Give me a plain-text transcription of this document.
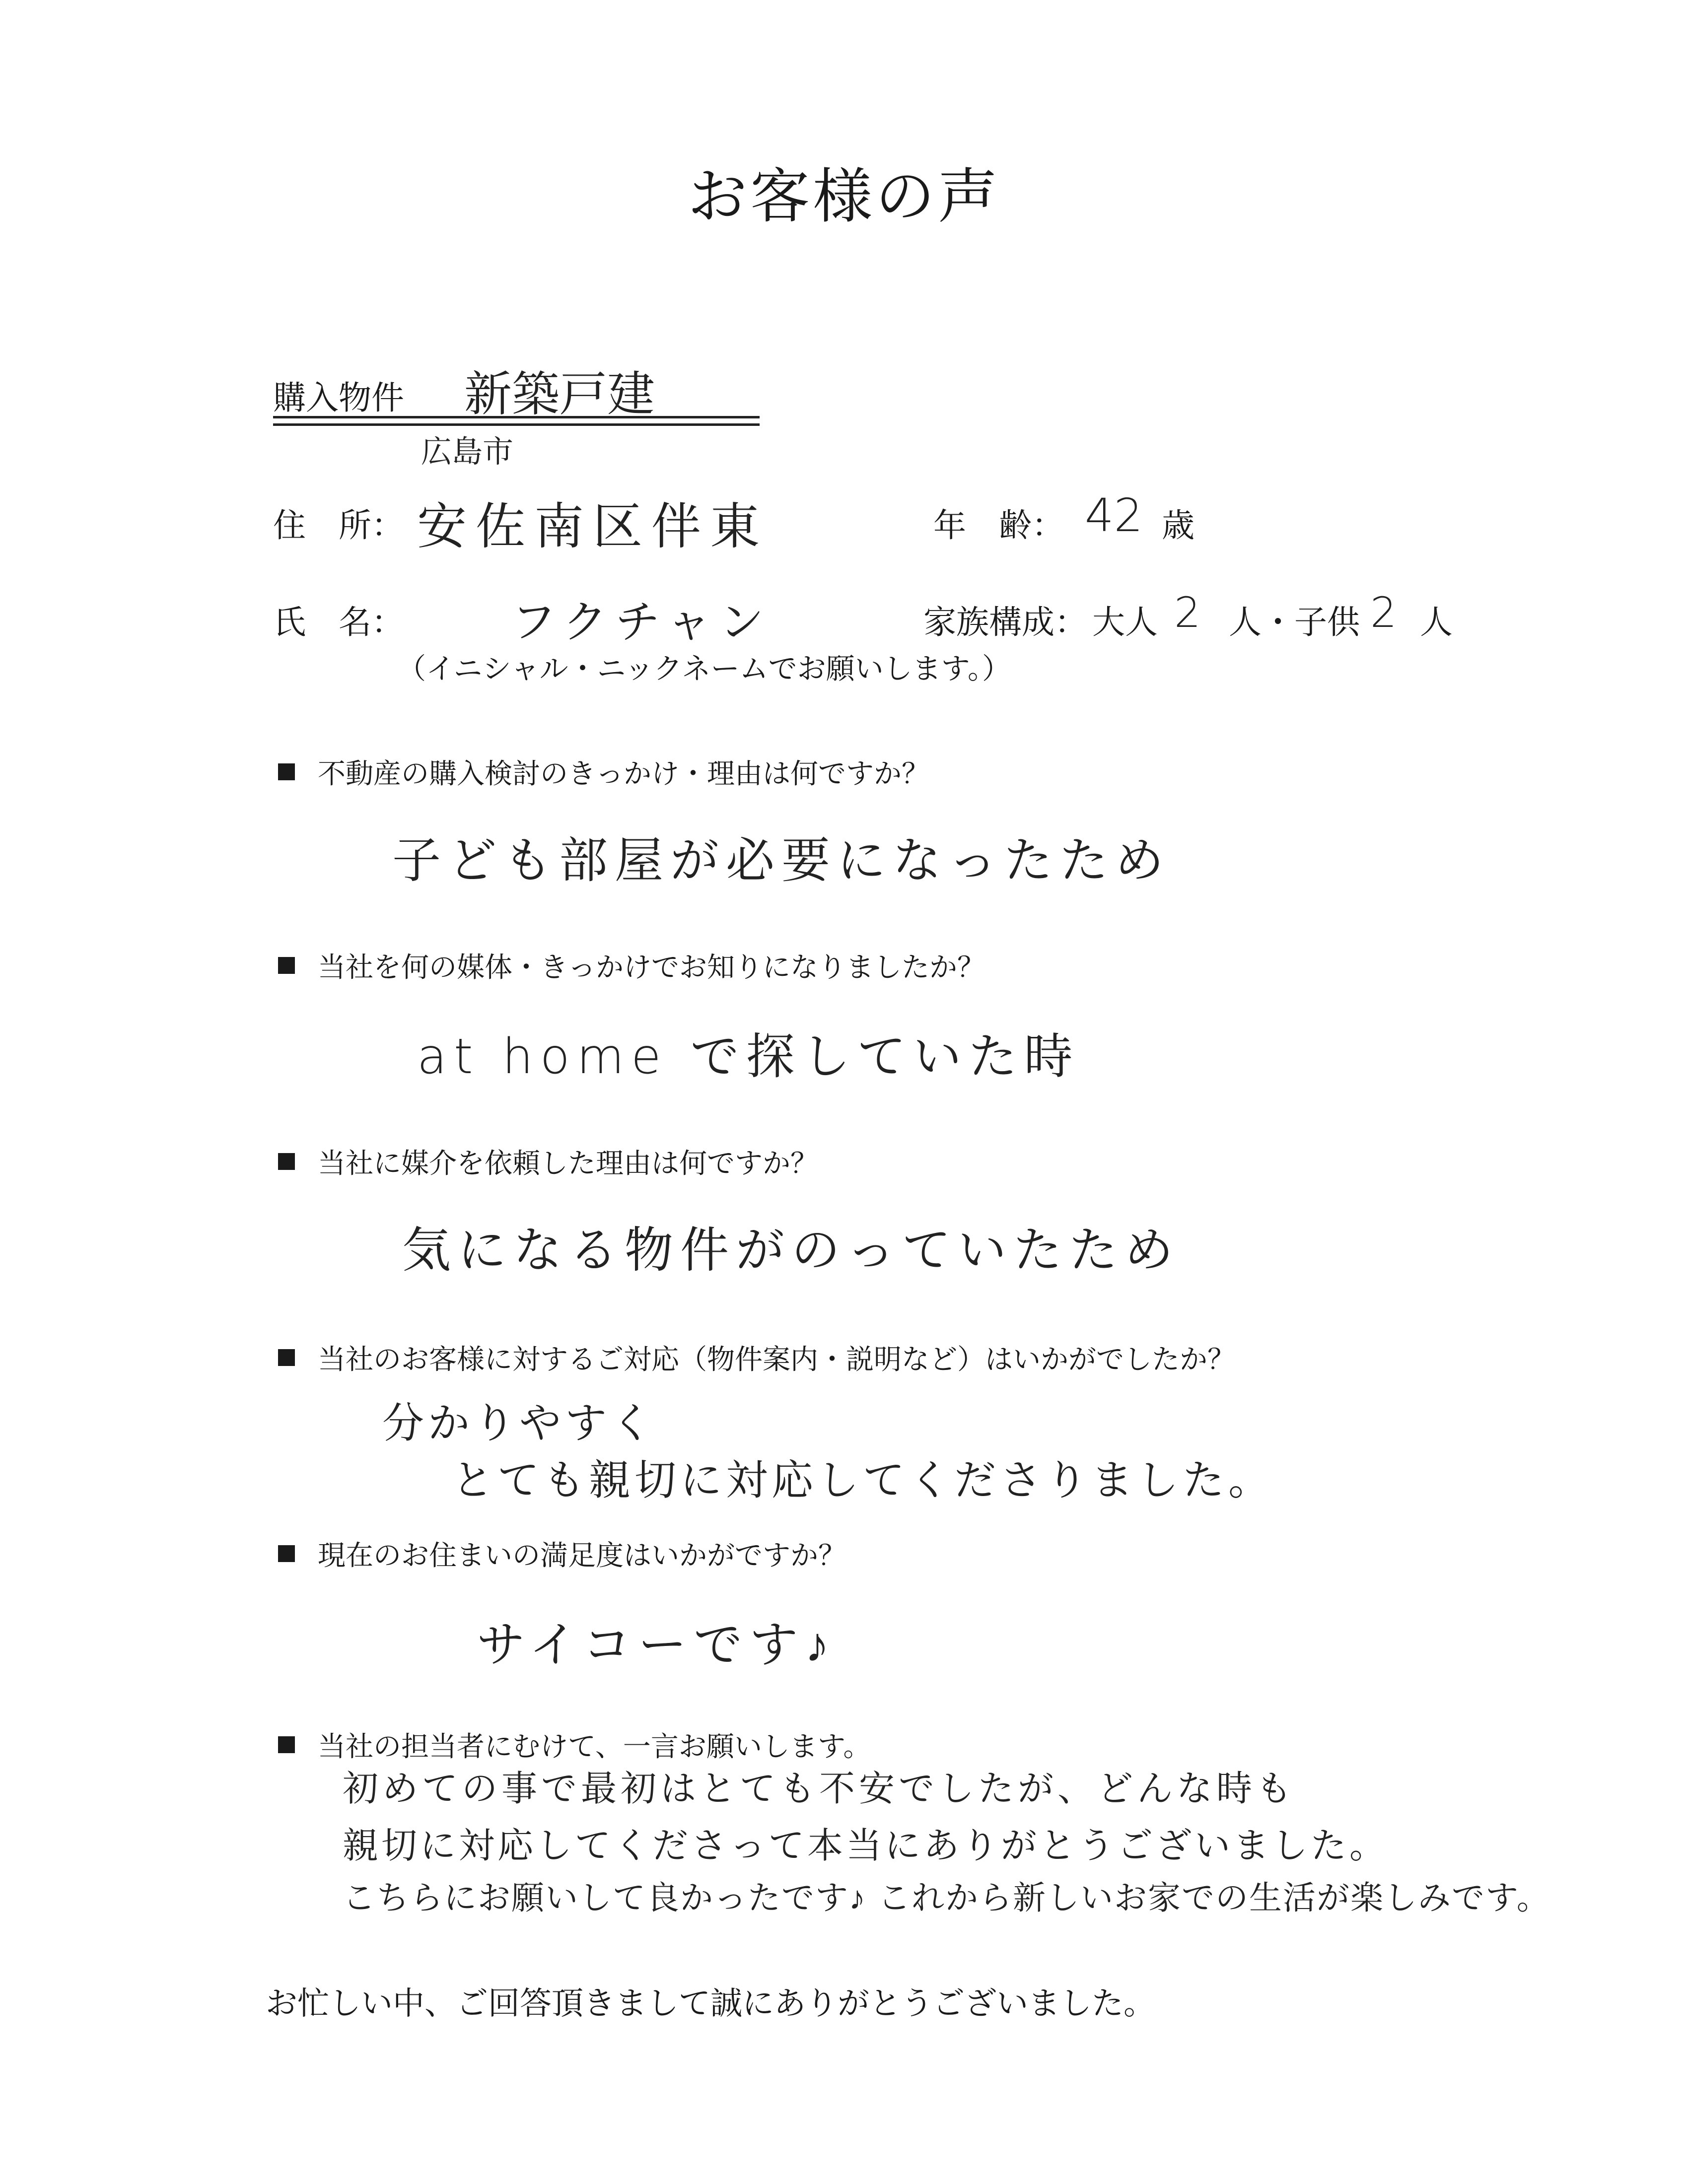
お客様の声
購入物件 新築戸建
広島市
住　所： 安佐南区伴東	年　齢： 42 歳
氏　名： フクチャン
（イニシャル・ニックネームでお願いします。）
家族構成： 大人 2 人・子供 2 人
不動産の購入検討のきっかけ・理由は何ですか？
子ども部屋が必要になったため
当社を何の媒体・きっかけでお知りになりましたか？
at home で探していた時
当社に媒介を依頼した理由は何ですか？
気になる物件がのっていたため
当社のお客様に対するご対応（物件案内・説明など）はいかがでしたか？
分かりやすく
とても親切に対応してくださりました。
現在のお住まいの満足度はいかがですか？
サイコーです♪
当社の担当者にむけて、一言お願いします。
初めての事で最初はとても不安でしたが、どんな時も
親切に対応してくださって本当にありがとうございました。
こちらにお願いして良かったです♪ これから新しいお家での生活が楽しみです。
お忙しい中、ご回答頂きまして誠にありがとうございました。
